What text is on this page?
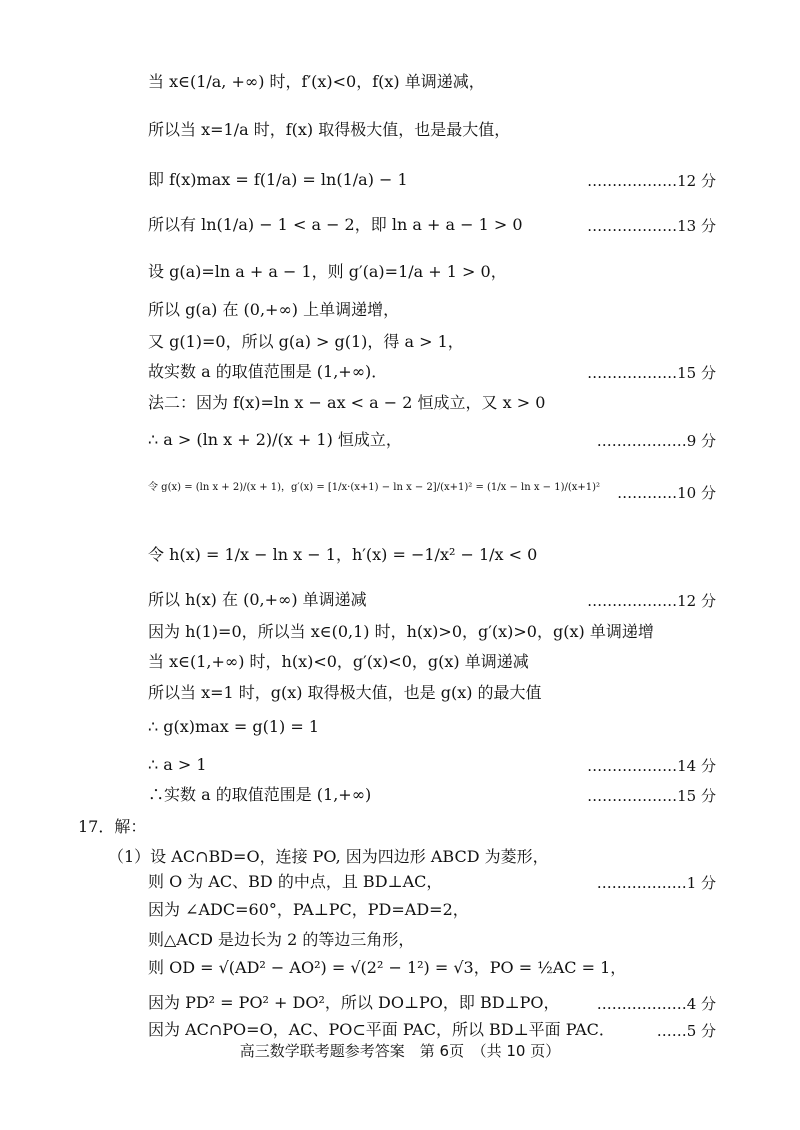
当 x∈(1/a, +∞) 时，f′(x)<0，f(x) 单调递减，
所以当 x=1/a 时，f(x) 取得极大值，也是最大值，
即 f(x)max = f(1/a) = ln(1/a) − 1	………………12 分
所以有 ln(1/a) − 1 < a − 2，即 ln a + a − 1 > 0	………………13 分
设 g(a)=ln a + a − 1，则 g′(a)=1/a + 1 > 0，
所以 g(a) 在 (0,+∞) 上单调递增，
又 g(1)=0，所以 g(a) > g(1)，得 a > 1，
故实数 a 的取值范围是 (1,+∞)．	………………15 分
法二：因为 f(x)=ln x − ax < a − 2 恒成立，又 x > 0
∴ a > (ln x + 2)/(x + 1) 恒成立，	………………9 分
令 g(x) = (ln x + 2)/(x + 1)，g′(x) = [1/x·(x+1) − ln x − 2]/(x+1)² = (1/x − ln x − 1)/(x+1)² …………10 分
令 h(x) = 1/x − ln x − 1，h′(x) = −1/x² − 1/x < 0
所以 h(x) 在 (0,+∞) 单调递减	………………12 分
因为 h(1)=0，所以当 x∈(0,1) 时，h(x)>0，g′(x)>0，g(x) 单调递增
当 x∈(1,+∞) 时，h(x)<0，g′(x)<0，g(x) 单调递减
所以当 x=1 时，g(x) 取得极大值，也是 g(x) 的最大值
∴ g(x)max = g(1) = 1
∴ a > 1	………………14 分
∴实数 a 的取值范围是 (1,+∞)	………………15 分
17．解：
（1）设 AC∩BD=O，连接 PO, 因为四边形 ABCD 为菱形，
则 O 为 AC、BD 的中点，且 BD⊥AC，	………………1 分
因为 ∠ADC=60°，PA⊥PC，PD=AD=2，
则△ACD 是边长为 2 的等边三角形，
则 OD = √(AD² − AO²) = √(2² − 1²) = √3，PO = ½AC = 1，
因为 PD² = PO² + DO²，所以 DO⊥PO，即 BD⊥PO， ………………4 分
因为 AC∩PO=O，AC、PO⊂平面 PAC，所以 BD⊥平面 PAC．	……5 分
高三数学联考题参考答案　第 6页　（共 10 页）
